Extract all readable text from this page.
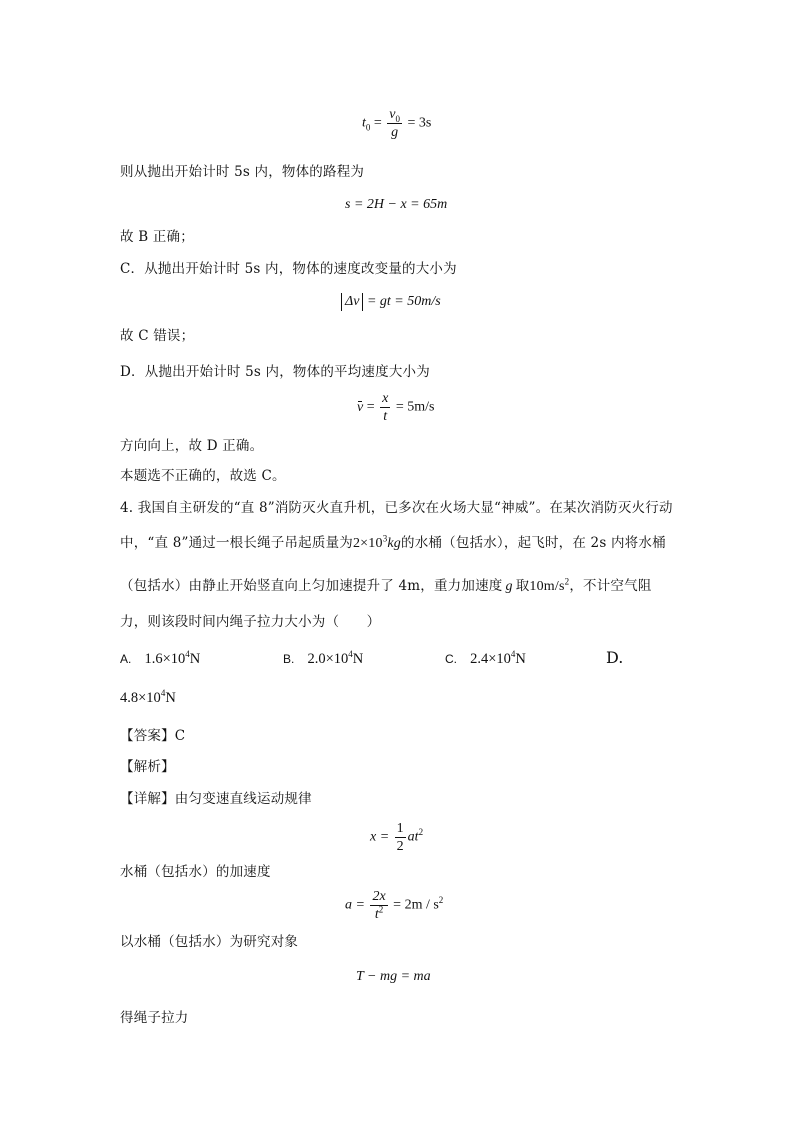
$t_0 = \frac{v_0}{g} = 3s$
则从抛出开始计时 5s 内，物体的路程为
s = 2H − x = 65m
故 B 正确；
C．从抛出开始计时 5s 内，物体的速度改变量的大小为
Δv = gt = 50m/s
故 C 错误；
D．从抛出开始计时 5s 内，物体的平均速度大小为
$v = \frac{x}{t} = 5m/s$
方向向上，故 D 正确。
本题选不正确的，故选 C。
4. 我国自主研发的“直 8”消防灭火直升机，已多次在火场大显“神威”。在某次消防灭火行动
中，“直 8”通过一根长绳子吊起质量为$2\times 10^3kg$的水桶（包括水），起飞时，在 2s 内将水桶
（包括水）由静止开始竖直向上匀加速提升了 4m，重力加速度 g 取$10m/s^2$，不计空气阻
力，则该段时间内绳子拉力大小为（　　）
A. $1.6\times 10^4N$	B. $2.0\times 10^4N$	C. $2.4\times 10^4N$	D.
$4.8\times 10^4N$
【答案】C
【解析】
【详解】由匀变速直线运动规律
$x = \frac{1}{2} at^2$
水桶（包括水）的加速度
$a = \frac{2x}{t^2} = 2m / s^2$
以水桶（包括水）为研究对象
T − mg = ma
得绳子拉力
